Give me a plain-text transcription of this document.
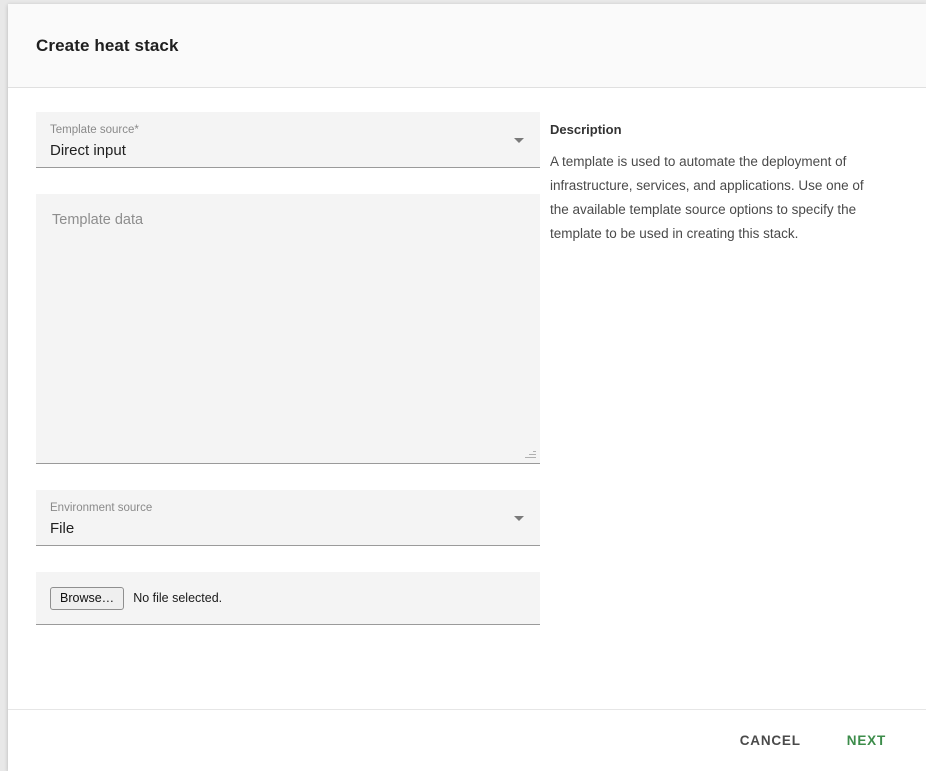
Create heat stack
Template source*
Direct input
Template data
Environment source
File
Browse…	No file selected.
Description
A template is used to automate the deployment of infrastructure, services, and applications. Use one of the available template source options to specify the template to be used in creating this stack.
CANCEL	NEXT
